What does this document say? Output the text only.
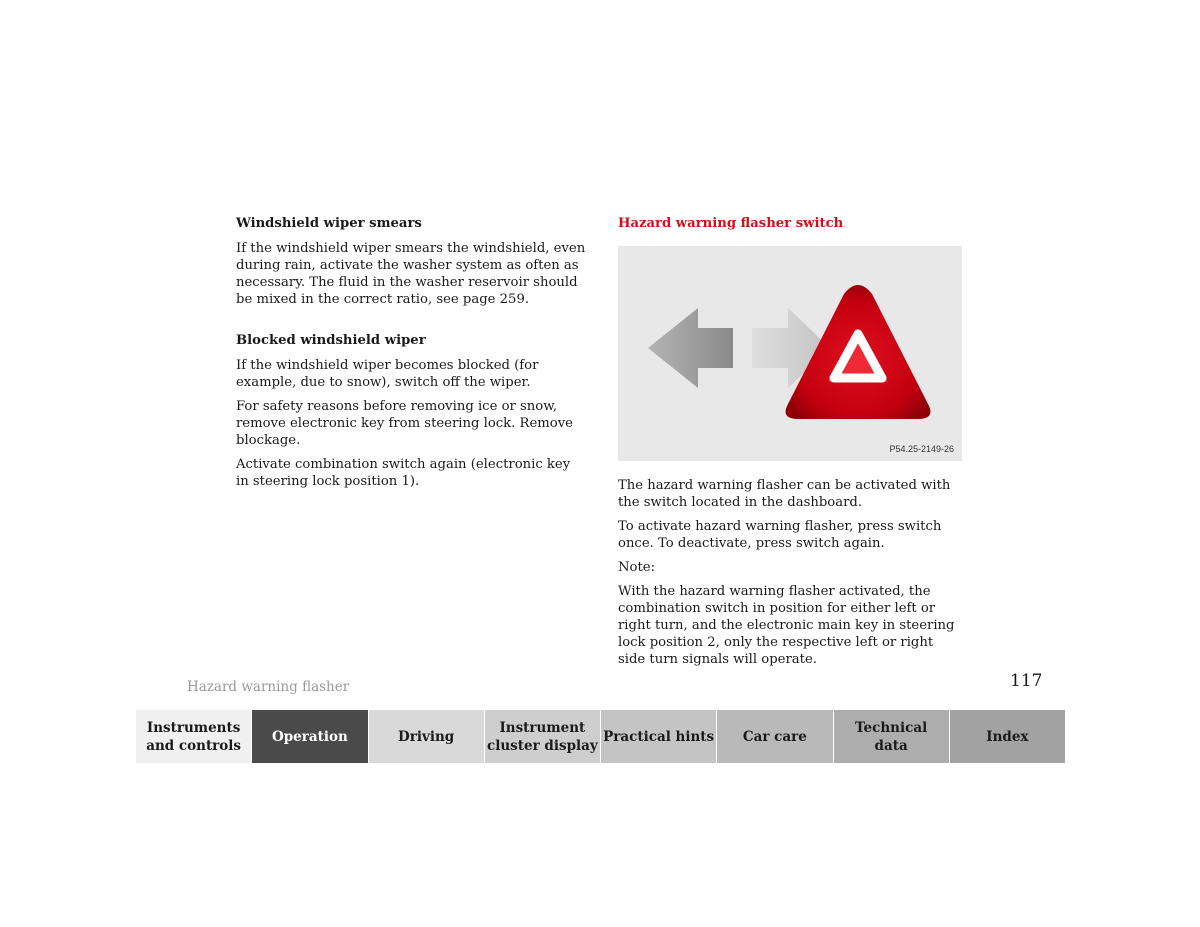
Windshield wiper smears

If the windshield wiper smears the windshield, even during rain, activate the washer system as often as necessary. The fluid in the washer reservoir should be mixed in the correct ratio, see page 259.

Blocked windshield wiper

If the windshield wiper becomes blocked (for example, due to snow), switch off the wiper.

For safety reasons before removing ice or snow, remove electronic key from steering lock. Remove blockage.

Activate combination switch again (electronic key in steering lock position 1).

Hazard warning flasher switch
P54.25-2149-26

The hazard warning flasher can be activated with the switch located in the dashboard.

To activate hazard warning flasher, press switch once. To deactivate, press switch again.

Note:

With the hazard warning flasher activated, the combination switch in position for either left or right turn, and the electronic main key in steering lock position 2, only the respective left or right side turn signals will operate.

Hazard warning flasher	117
Instruments
and controls
Operation	Driving
Instrument
cluster display
Practical hints Car care
Technical
data
Index
